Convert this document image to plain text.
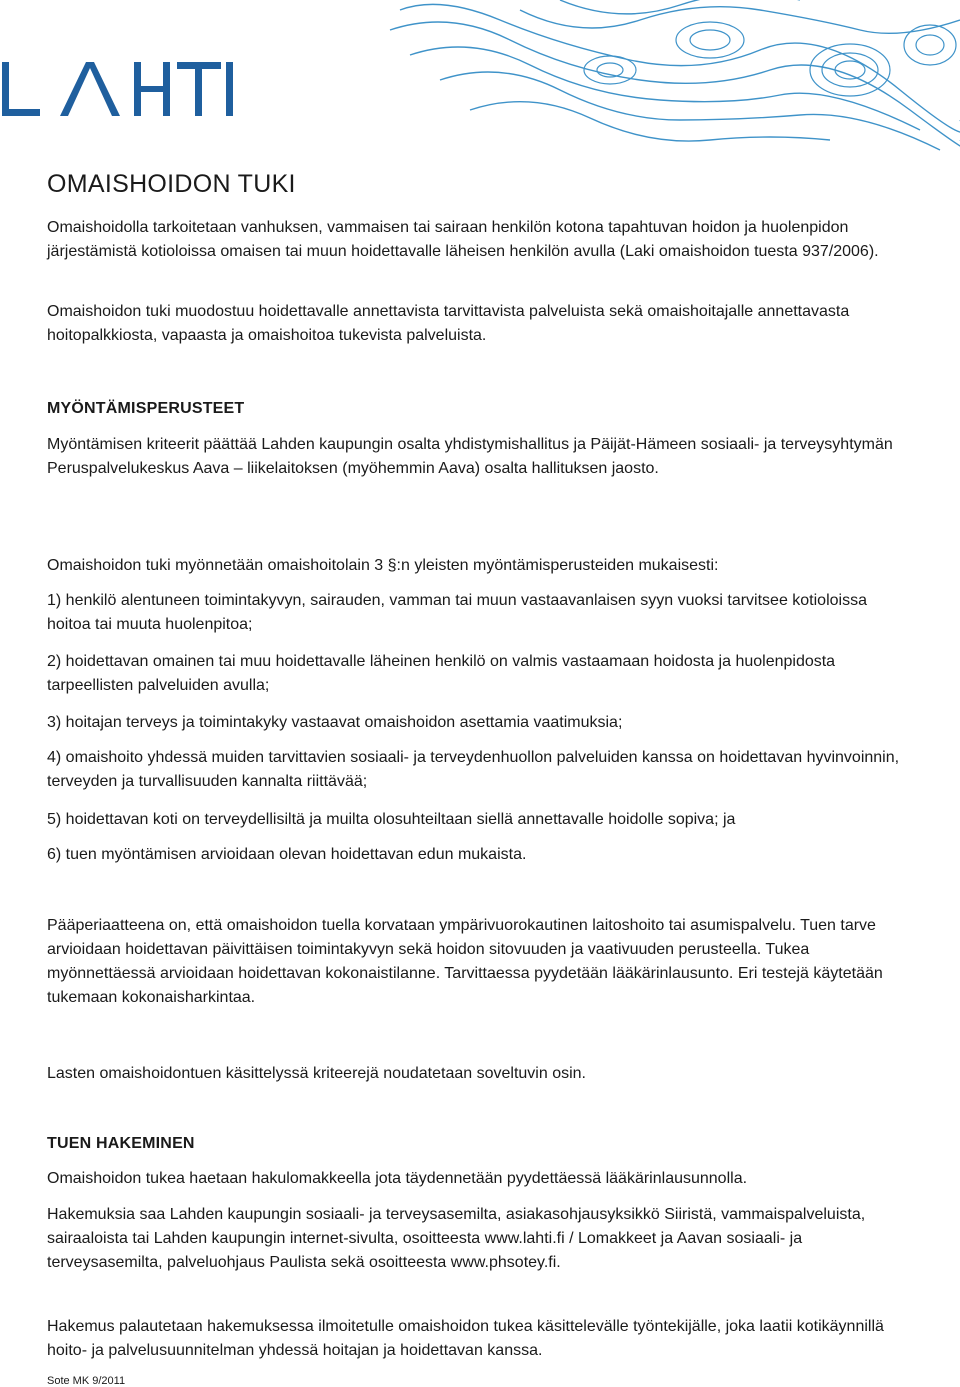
OMAISHOIDON TUKI

Omaishoidolla tarkoitetaan vanhuksen, vammaisen tai sairaan henkilön kotona tapahtuvan hoidon ja huolenpidon järjestämistä kotioloissa omaisen tai muun hoidettavalle läheisen henkilön avulla (Laki omaishoidon tuesta 937/2006).

Omaishoidon tuki muodostuu hoidettavalle annettavista tarvittavista palveluista sekä omaishoitajalle annettavasta hoitopalkkiosta, vapaasta ja omaishoitoa tukevista palveluista.

MYÖNTÄMISPERUSTEET

Myöntämisen kriteerit päättää Lahden kaupungin osalta yhdistymishallitus ja Päijät-Hämeen sosiaali- ja terveysyhtymän Peruspalvelukeskus Aava – liikelaitoksen (myöhemmin Aava) osalta hallituksen jaosto.

Omaishoidon tuki myönnetään omaishoitolain 3 §:n yleisten myöntämisperusteiden mukaisesti:

1) henkilö alentuneen toimintakyvyn, sairauden, vamman tai muun vastaavanlaisen syyn vuoksi tarvitsee kotioloissa hoitoa tai muuta huolenpitoa;

2) hoidettavan omainen tai muu hoidettavalle läheinen henkilö on valmis vastaamaan hoidosta ja huolenpidosta tarpeellisten palveluiden avulla;

3) hoitajan terveys ja toimintakyky vastaavat omaishoidon asettamia vaatimuksia;

4) omaishoito yhdessä muiden tarvittavien sosiaali- ja terveydenhuollon palveluiden kanssa on hoidettavan hyvinvoinnin, terveyden ja turvallisuuden kannalta riittävää;

5) hoidettavan koti on terveydellisiltä ja muilta olosuhteiltaan siellä annettavalle hoidolle sopiva; ja

6) tuen myöntämisen arvioidaan olevan hoidettavan edun mukaista.

Pääperiaatteena on, että omaishoidon tuella korvataan ympärivuorokautinen laitoshoito tai asumispalvelu. Tuen tarve arvioidaan hoidettavan päivittäisen toimintakyvyn sekä hoidon sitovuuden ja vaativuuden perusteella. Tukea myönnettäessä arvioidaan hoidettavan kokonaistilanne. Tarvittaessa pyydetään lääkärinlausunto. Eri testejä käytetään tukemaan kokonaisharkintaa.

Lasten omaishoidontuen käsittelyssä kriteerejä noudatetaan soveltuvin osin.

TUEN HAKEMINEN

Omaishoidon tukea haetaan hakulomakkeella jota täydennetään pyydettäessä lääkärinlausunnolla.

Hakemuksia saa Lahden kaupungin sosiaali- ja terveysasemilta, asiakasohjausyksikkö Siiristä, vammaispalveluista, sairaaloista tai Lahden kaupungin internet-sivulta, osoitteesta www.lahti.fi / Lomakkeet ja Aavan sosiaali- ja terveysasemilta, palveluohjaus Paulista sekä osoitteesta www.phsotey.fi.

Hakemus palautetaan hakemuksessa ilmoitetulle omaishoidon tukea käsittelevälle työntekijälle, joka laatii kotikäynnillä hoito- ja palvelusuunnitelman yhdessä hoitajan ja hoidettavan kanssa.

Sote MK 9/2011
